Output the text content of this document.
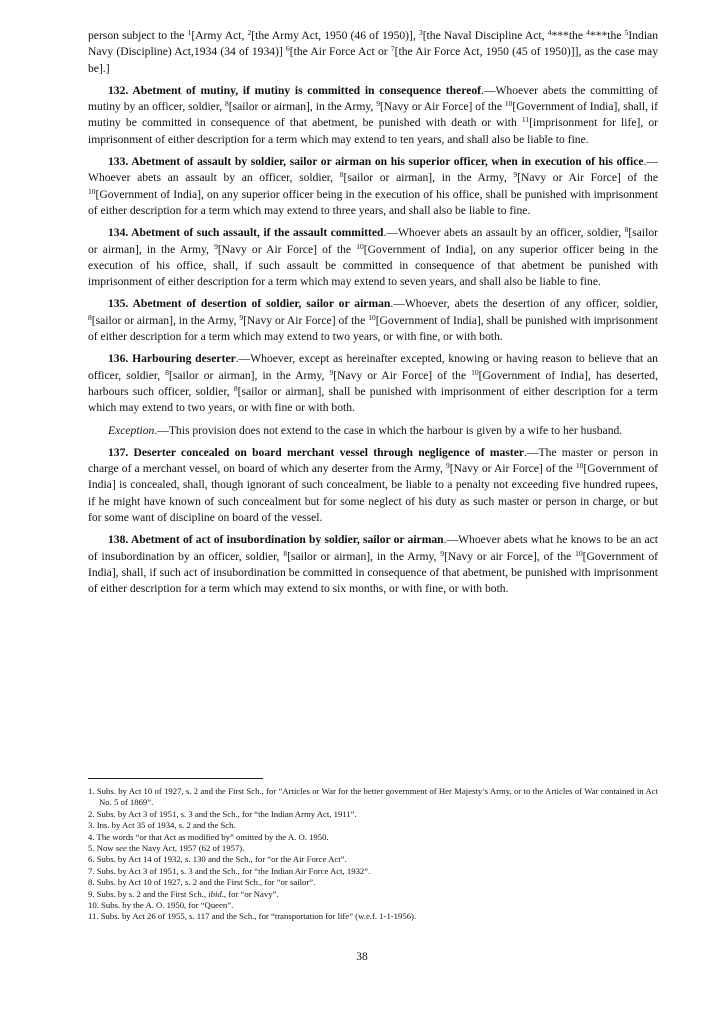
person subject to the $^1$[Army Act, $^2$[the Army Act, 1950 (46 of 1950)], $^3$[the Naval Discipline Act, $^4$***the $^4$***the $^5$Indian Navy (Discipline) Act,1934 (34 of 1934)] $^6$[the Air Force Act or $^7$[the Air Force Act, 1950 (45 of 1950)]], as the case may be].]

132. Abetment of mutiny, if mutiny is committed in consequence thereof.—Whoever abets the committing of mutiny by an officer, soldier, $^8$[sailor or airman], in the Army, $^9$[Navy or Air Force] of the $^{10}$[Government of India], shall, if mutiny be committed in consequence of that abetment, be punished with death or with $^{11}$[imprisonment for life], or imprisonment of either description for a term which may extend to ten years, and shall also be liable to fine.

133. Abetment of assault by soldier, sailor or airman on his superior officer, when in execution of his office.—Whoever abets an assault by an officer, soldier, $^8$[sailor or airman], in the Army, $^9$[Navy or Air Force] of the $^{10}$[Government of India], on any superior officer being in the execution of his office, shall be punished with imprisonment of either description for a term which may extend to three years, and shall also be liable to fine.

134. Abetment of such assault, if the assault committed.—Whoever abets an assault by an officer, soldier, $^8$[sailor or airman], in the Army, $^9$[Navy or Air Force] of the $^{10}$[Government of India], on any superior officer being in the execution of his office, shall, if such assault be committed in consequence of that abetment be punished with imprisonment of either description for a term which may extend to seven years, and shall also be liable to fine.

135. Abetment of desertion of soldier, sailor or airman.—Whoever, abets the desertion of any officer, soldier, $^8$[sailor or airman], in the Army, $^9$[Navy or Air Force] of the $^{10}$[Government of India], shall be punished with imprisonment of either description for a term which may extend to two years, or with fine, or with both.

136. Harbouring deserter.—Whoever, except as hereinafter excepted, knowing or having reason to believe that an officer, soldier, $^8$[sailor or airman], in the Army, $^9$[Navy or Air Force] of the $^{10}$[Government of India], has deserted, harbours such officer, soldier, $^8$[sailor or airman], shall be punished with imprisonment of either description for a term which may extend to two years, or with fine or with both.

Exception.—This provision does not extend to the case in which the harbour is given by a wife to her husband.

137. Deserter concealed on board merchant vessel through negligence of master.—The master or person in charge of a merchant vessel, on board of which any deserter from the Army, $^9$[Navy or Air Force] of the $^{10}$[Government of India] is concealed, shall, though ignorant of such concealment, be liable to a penalty not exceeding five hundred rupees, if he might have known of such concealment but for some neglect of his duty as such master or person in charge, or but for some want of discipline on board of the vessel.

138. Abetment of act of insubordination by soldier, sailor or airman.—Whoever abets what he knows to be an act of insubordination by an officer, soldier, $^8$[sailor or airman], in the Army, $^9$[Navy or air Force], of the $^{10}$[Government of India], shall, if such act of insubordination be committed in consequence of that abetment, be punished with imprisonment of either description for a term which may extend to six months, or with fine, or with both.

1. Subs. by Act 10 of 1927, s. 2 and the First Sch., for “Articles or War for the better government of Her Majesty’s Army, or to the Articles of War contained in Act No. 5 of 1869”.

2. Subs. by Act 3 of 1951, s. 3 and the Sch., for “the Indian Army Act, 1911”.

3. Ins. by Act 35 of 1934, s. 2 and the Sch.

4. The words “or that Act as modified by” omitted by the A. O. 1950.

5. Now see the Navy Act, 1957 (62 of 1957).

6. Subs. by Act 14 of 1932, s. 130 and the Sch., for “or the Air Force Act”.

7. Subs. by Act 3 of 1951, s. 3 and the Sch., for “the Indian Air Force Act, 1932”.

8. Subs. by Act 10 of 1927, s. 2 and the First Sch., for “or sailor”.

9. Subs. by s. 2 and the First Sch., ibid., for “or Navy”.

10. Subs. by the A. O. 1950, for “Queen”.

11. Subs. by Act 26 of 1955, s. 117 and the Sch., for “transportation for life” (w.e.f. 1-1-1956).

38
